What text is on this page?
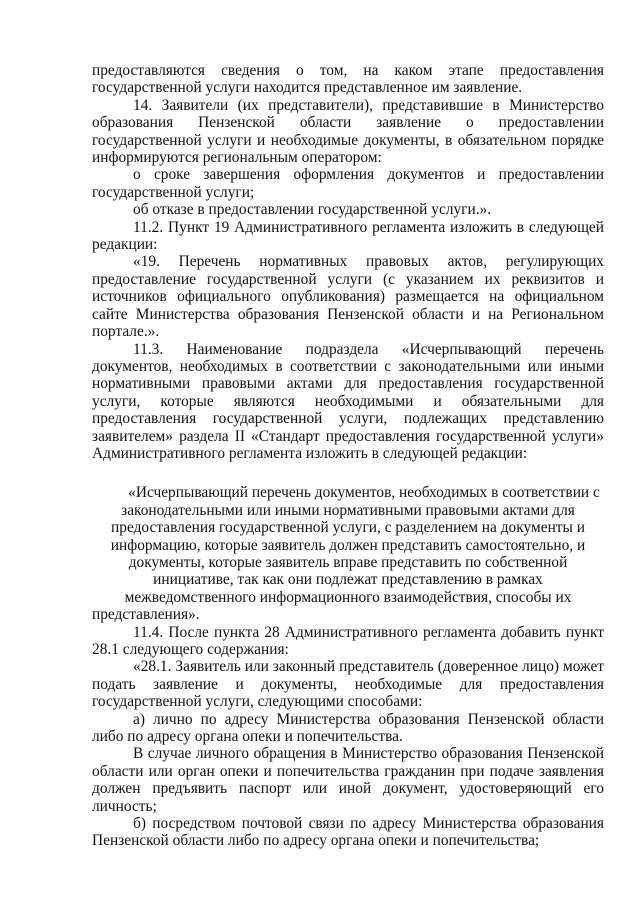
предоставляются сведения о том, на каком этапе предоставления государственной услуги находится представленное им заявление.

14. Заявители (их представители), представившие в Министерство образования Пензенской области заявление о предоставлении государственной услуги и необходимые документы, в обязательном порядке информируются региональным оператором:

о сроке завершения оформления документов и предоставлении государственной услуги;

об отказе в предоставлении государственной услуги.».

11.2. Пункт 19 Административного регламента изложить в следующей редакции:

«19. Перечень нормативных правовых актов, регулирующих предоставление государственной услуги (с указанием их реквизитов и источников официального опубликования) размещается на официальном сайте Министерства образования Пензенской области и на Региональном портале.».

11.3. Наименование подраздела «Исчерпывающий перечень документов, необходимых в соответствии с законодательными или иными нормативными правовыми актами для предоставления государственной услуги, которые являются необходимыми и обязательными для предоставления государственной услуги, подлежащих представлению заявителем» раздела II «Стандарт предоставления государственной услуги» Административного регламента изложить в следующей редакции:

«Исчерпывающий перечень документов, необходимых в соответствии с законодательными или иными нормативными правовыми актами для предоставления государственной услуги, с разделением на документы и информацию, которые заявитель должен представить самостоятельно, и документы, которые заявитель вправе представить по собственной инициативе, так как они подлежат представлению в рамках межведомственного информационного взаимодействия, способы их представления».

11.4. После пункта 28 Административного регламента добавить пункт 28.1 следующего содержания:

«28.1. Заявитель или законный представитель (доверенное лицо) может подать заявление и документы, необходимые для предоставления государственной услуги, следующими способами:

а) лично по адресу Министерства образования Пензенской области либо по адресу органа опеки и попечительства.

В случае личного обращения в Министерство образования Пензенской области или орган опеки и попечительства гражданин при подаче заявления должен предъявить паспорт или иной документ, удостоверяющий его личность;

б) посредством почтовой связи по адресу Министерства образования Пензенской области либо по адресу органа опеки и попечительства;
